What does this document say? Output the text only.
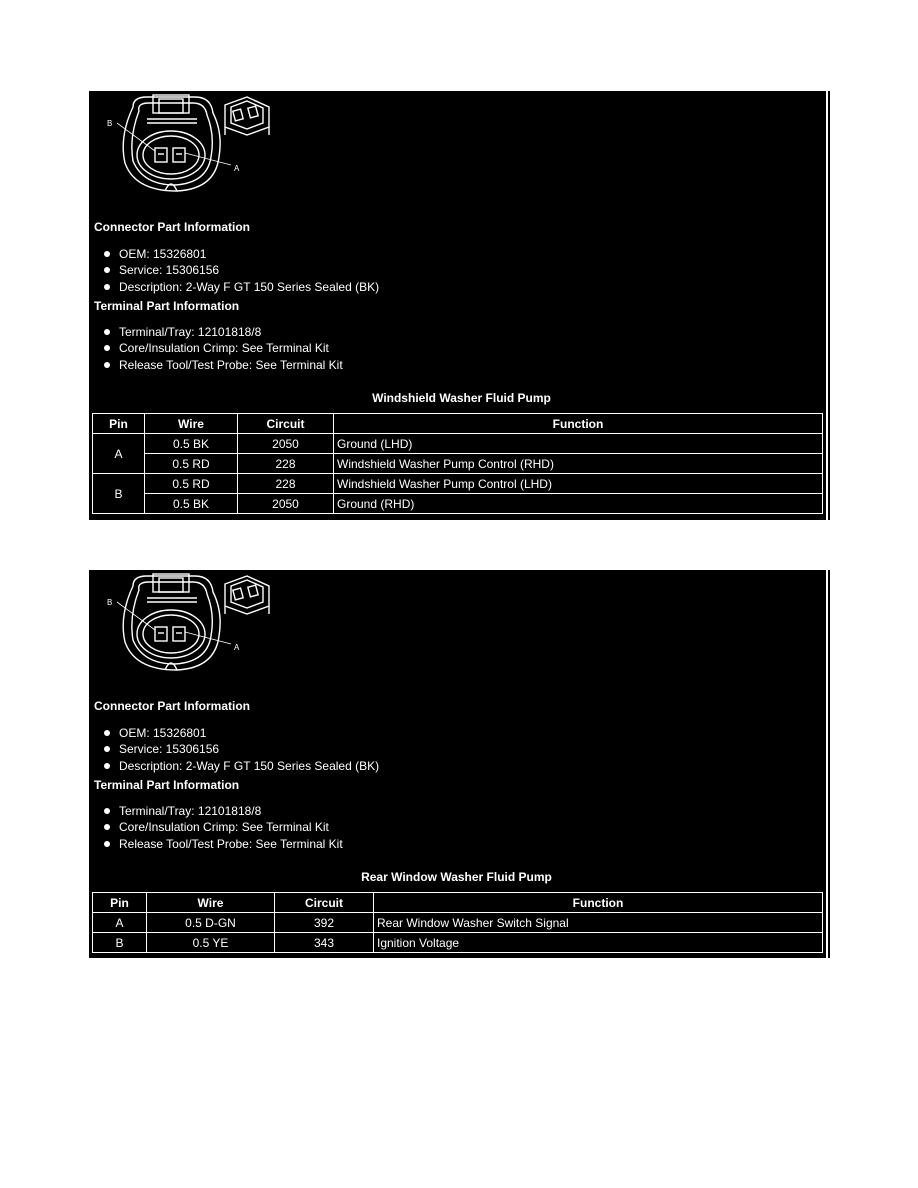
B
A
Connector Part Information
OEM: 15326801
Service: 15306156
Description: 2-Way F GT 150 Series Sealed (BK)
Terminal Part Information
Terminal/Tray: 12101818/8
Core/Insulation Crimp: See Terminal Kit
Release Tool/Test Probe: See Terminal Kit
Windshield Washer Fluid Pump
Pin	Wire	Circuit	Function
A	0.5 BK	2050	Ground (LHD)
	0.5 RD	228	Windshield Washer Pump Control (RHD)
B	0.5 RD	228	Windshield Washer Pump Control (LHD)
	0.5 BK	2050	Ground (RHD)
B
A
Connector Part Information
OEM: 15326801
Service: 15306156
Description: 2-Way F GT 150 Series Sealed (BK)
Terminal Part Information
Terminal/Tray: 12101818/8
Core/Insulation Crimp: See Terminal Kit
Release Tool/Test Probe: See Terminal Kit
Rear Window Washer Fluid Pump
Pin	Wire	Circuit	Function
A	0.5 D-GN	392	Rear Window Washer Switch Signal
B	0.5 YE	343	Ignition Voltage
